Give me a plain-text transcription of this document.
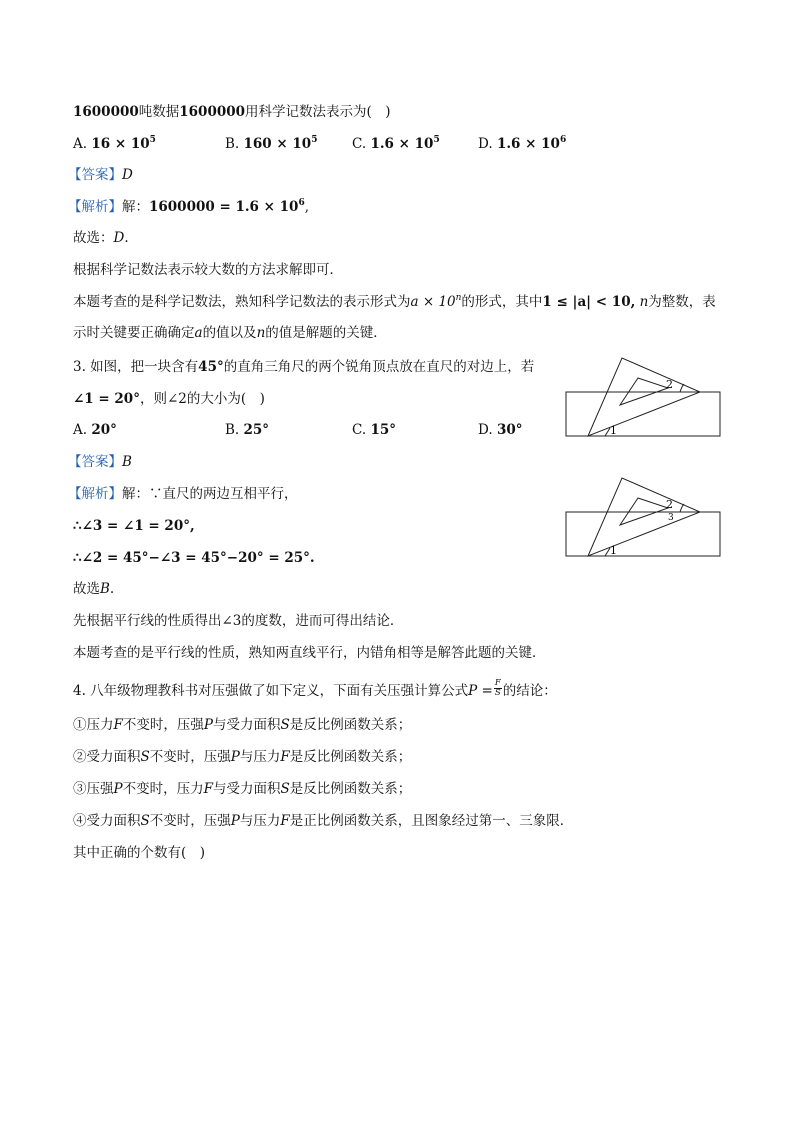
1600000吨数据1600000用科学记数法表示为(　)
A. $16 \times 10^5$	B. $160 \times 10^5$	C. $1.6 \times 10^5$	D. $1.6 \times 10^6$
【答案】D
【解析】解：$1600000 = 1.6 \times 10^6$,
故选：D.
根据科学记数法表示较大数的方法求解即可．
本题考查的是科学记数法，熟知科学记数法的表示形式为$a \times 10^n$的形式，其中1 ≤ |a| < 10, n为整数，表
示时关键要正确确定a的值以及n的值是解题的关键．
3. 如图，把一块含有45°的直角三角尺的两个锐角顶点放在直尺的对边上，若
∠1 = 20°，则∠2的大小为(　)
A. 20°	B. 25°	C. 15°	D. 30°
【答案】B
【解析】解：∵直尺的两边互相平行，
∴∠3 = ∠1 = 20°,
∴∠2 = 45°−∠3 = 45°−20° = 25°.
故选B.
先根据平行线的性质得出∠3的度数，进而可得出结论．
本题考查的是平行线的性质，熟知两直线平行，内错角相等是解答此题的关键．
1
2
1
2
3
4. 八年级物理教科书对压强做了如下定义，下面有关压强计算公式$P = \frac{F}{S}$ 的结论：
①压力F不变时，压强P与受力面积S是反比例函数关系；
②受力面积S不变时，压强P与压力F是反比例函数关系；
③压强P不变时，压力F与受力面积S是反比例函数关系；
④受力面积S不变时，压强P与压力F是正比例函数关系，且图象经过第一、三象限．
其中正确的个数有(　)
